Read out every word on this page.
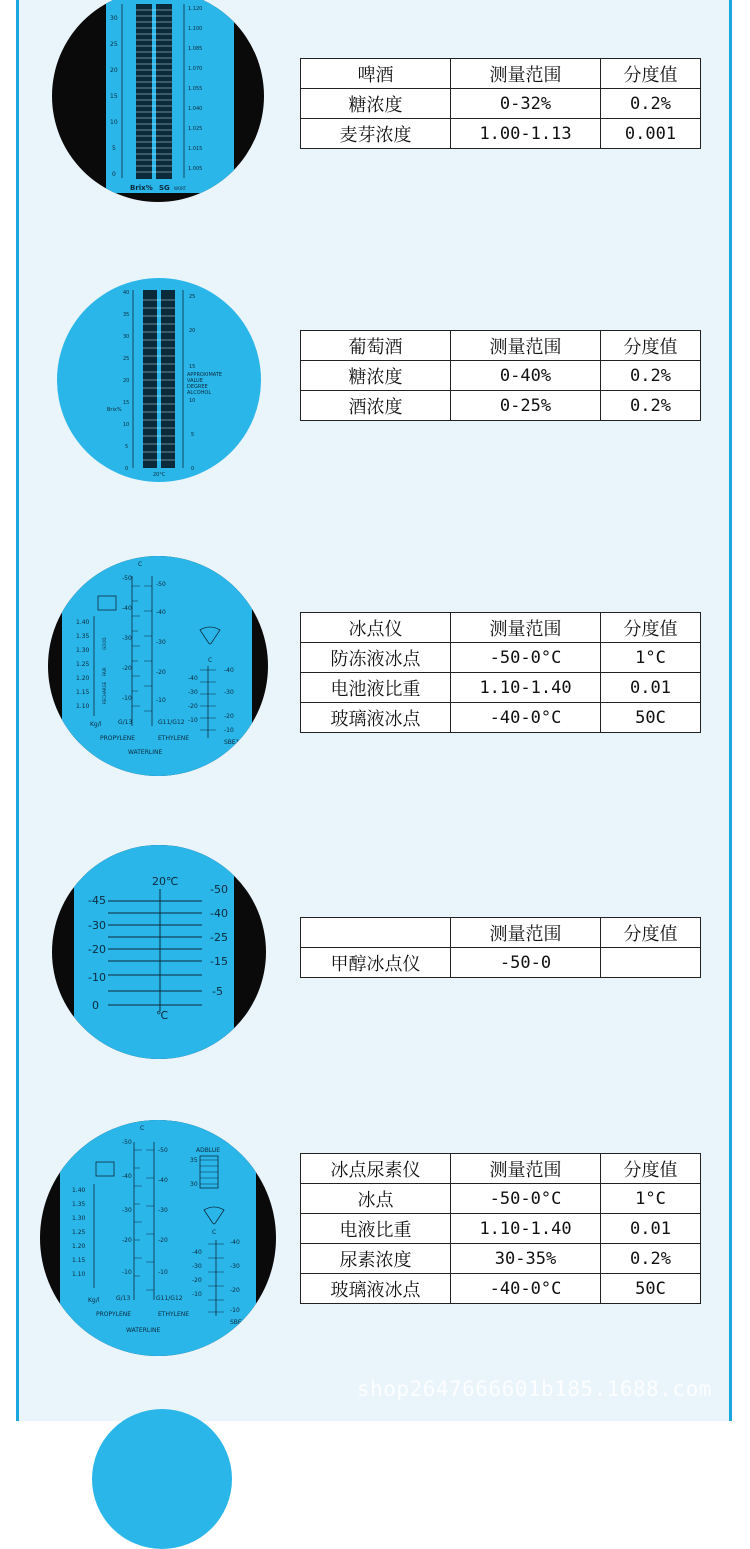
30
25
20
15
10
5
0
1.120
1.100
1.085
1.070
1.055
1.040
1.025
1.015
1.005
Brix% SG WORT
啤酒	测量范围	分度值
糖浓度	0-32%	0.2%
麦芽浓度	1.00-1.13	0.001
40
35
30
25
20
15
10
5
0
25
20
15
10
5
0
APPROXIMATE
VALUE
DEGREE
ALCOHOL
Brix%
20°C
葡萄酒	测量范围	分度值
糖浓度	0-40%	0.2%
酒浓度	0-25%	0.2%
-50
-50
-40
-40
-30
-30
-20
-20
-10	-10
1.40
1.35
1.30
1.25
1.20
1.15
1.10
-40
-40
-30	-30
-20
-20
-10
-10
C
C
Kg/l	G/13	G11/G12
PROPYLENE	ETHYLENE
WATERLINE
SBE1
GOOD
RECHARGE
FAIR
冰点仪	测量范围	分度值
防冻液冰点	-50-0°C	1°C
电池液比重	1.10-1.40	0.01
玻璃液冰点	-40-0°C	50C
20℃
℃
-45
-30
-20
-10
0
-50
-40
-25
-15
-5
	测量范围	分度值
甲醇冰点仪	-50-0	
-50
-50
-40
-40
-30	-30
-20	-20
-10	-10
1.40
1.35
1.30
1.25
1.20
1.15
1.10
-40
-40
-30	-30
-20
-20
-10
-10
35
30
C
C
Kg/l	G/13	G11/G12
PROPYLENE	ETHYLENE
WATERLINE
SBE1
ADBLUE
冰点尿素仪	测量范围	分度值
冰点	-50-0°C	1°C
电液比重	1.10-1.40	0.01
尿素浓度	30-35%	0.2%
玻璃液冰点	-40-0°C	50C
shop2647666601b185.1688.com
